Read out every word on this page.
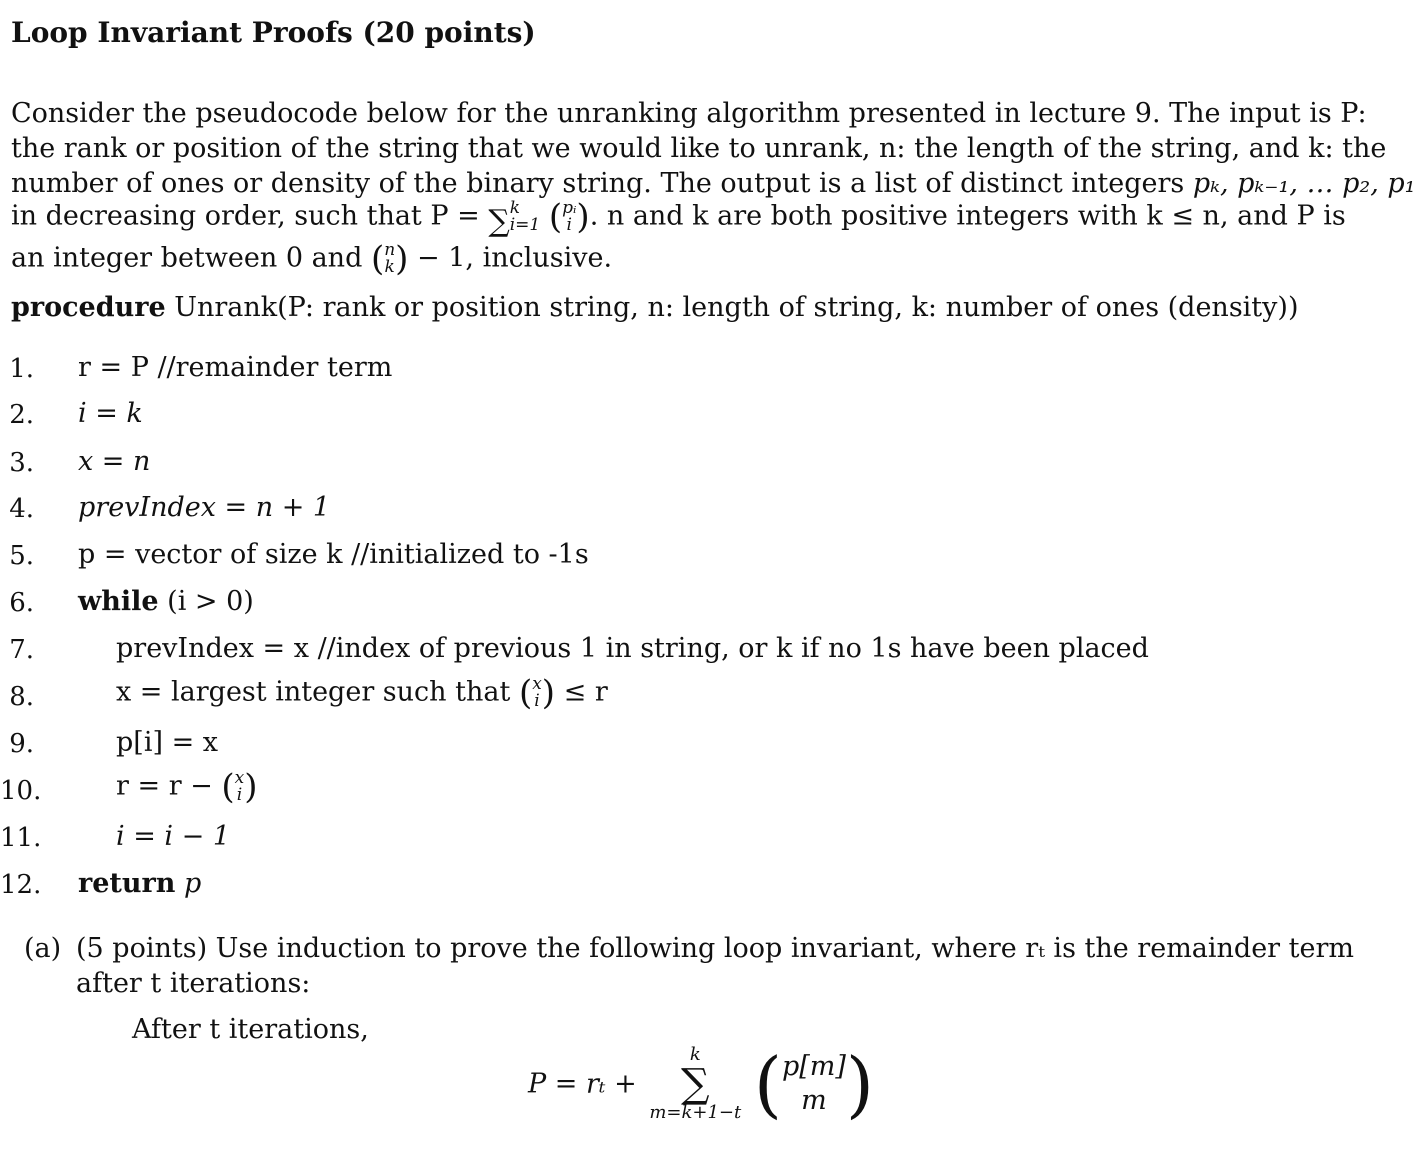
Loop Invariant Proofs (20 points)
Consider the pseudocode below for the unranking algorithm presented in lecture 9. The input is P:
the rank or position of the string that we would like to unrank, n: the length of the string, and k: the
number of ones or density of the binary string. The output is a list of distinct integers pₖ, pₖ₋₁, … p₂, p₁
in decreasing order, such that P = ∑ k
i=1 ( pᵢ
i ). n and k are both positive integers with k ≤ n, and P is
an integer between 0 and ( n
k ) − 1, inclusive.
procedure Unrank(P: rank or position string, n: length of string, k: number of ones (density))
1. r = P //remainder term
2. i = k
3. x = n
4. prevIndex = n + 1
5. p = vector of size k //initialized to -1s
6. while (i > 0)
7.	prevIndex = x //index of previous 1 in string, or k if no 1s have been placed
8.	x = largest integer such that ( x
i ) ≤ r
9.	p[i] = x
10.	r = r − ( x
i )
11.	i = i − 1
12. return p
(a) (5 points) Use induction to prove the following loop invariant, where rₜ is the remainder term
after t iterations:
After t iterations,
P = rₜ +
k
∑
m=k+1−t ( p[m]
m )
